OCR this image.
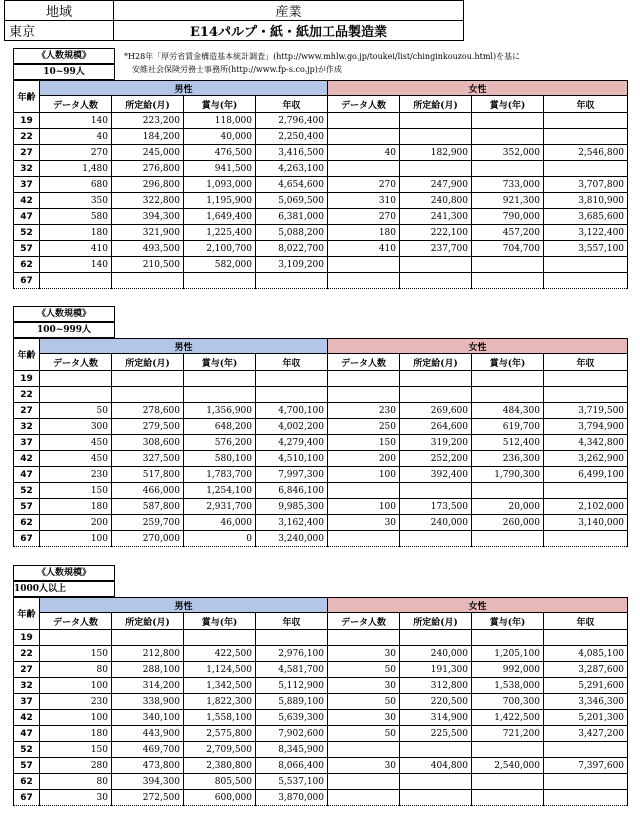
地域	産業
東京	E14パルプ・紙・紙加工品製造業
*H28年「厚労省賃金構造基本統計調査」(http://www.mhlw.go.jp/toukei/list/chinginkouzou.html)を基に
安維社会保険労務士事務所(http://www.fp-s.co.jp)が作成
《人数規模》
10~99人
年齢	男性				女性			
	データ人数	所定給(月)	賞与(年)	年収	データ人数	所定給(月)	賞与(年)	年収
19	140	223,200	118,000	2,796,400				
22	40	184,200	40,000	2,250,400				
27	270	245,000	476,500	3,416,500	40	182,900	352,000	2,546,800
32	1,480	276,800	941,500	4,263,100				
37	680	296,800	1,093,000	4,654,600	270	247,900	733,000	3,707,800
42	350	322,800	1,195,900	5,069,500	310	240,800	921,300	3,810,900
47	580	394,300	1,649,400	6,381,000	270	241,300	790,000	3,685,600
52	180	321,900	1,225,400	5,088,200	180	222,100	457,200	3,122,400
57	410	493,500	2,100,700	8,022,700	410	237,700	704,700	3,557,100
62	140	210,500	582,000	3,109,200				
67								
《人数規模》
100~999人
年齢	男性				女性			
	データ人数	所定給(月)	賞与(年)	年収	データ人数	所定給(月)	賞与(年)	年収
19								
22								
27	50	278,600	1,356,900	4,700,100	230	269,600	484,300	3,719,500
32	300	279,500	648,200	4,002,200	250	264,600	619,700	3,794,900
37	450	308,600	576,200	4,279,400	150	319,200	512,400	4,342,800
42	450	327,500	580,100	4,510,100	200	252,200	236,300	3,262,900
47	230	517,800	1,783,700	7,997,300	100	392,400	1,790,300	6,499,100
52	150	466,000	1,254,100	6,846,100				
57	180	587,800	2,931,700	9,985,300	100	173,500	20,000	2,102,000
62	200	259,700	46,000	3,162,400	30	240,000	260,000	3,140,000
67	100	270,000	0	3,240,000				
《人数規模》
1000人以上
年齢	男性				女性			
	データ人数	所定給(月)	賞与(年)	年収	データ人数	所定給(月)	賞与(年)	年収
19								
22	150	212,800	422,500	2,976,100	30	240,000	1,205,100	4,085,100
27	80	288,100	1,124,500	4,581,700	50	191,300	992,000	3,287,600
32	100	314,200	1,342,500	5,112,900	30	312,800	1,538,000	5,291,600
37	230	338,900	1,822,300	5,889,100	50	220,500	700,300	3,346,300
42	100	340,100	1,558,100	5,639,300	30	314,900	1,422,500	5,201,300
47	180	443,900	2,575,800	7,902,600	50	225,500	721,200	3,427,200
52	150	469,700	2,709,500	8,345,900				
57	280	473,800	2,380,800	8,066,400	30	404,800	2,540,000	7,397,600
62	80	394,300	805,500	5,537,100				
67	30	272,500	600,000	3,870,000				
